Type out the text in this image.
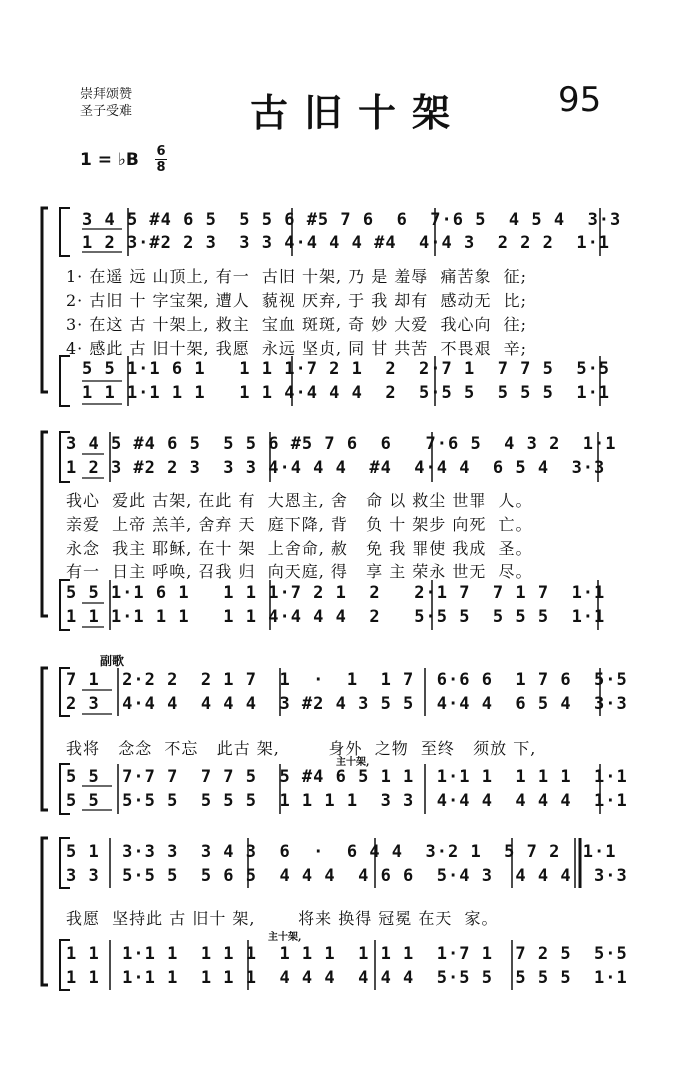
崇拜颂赞
圣子受难	古旧十架	95
1 = ♭B 6
8
3 4 5 #4 6 5  5 5 6 #5 7 6  6  7·6 5  4 5 4  3·3
1 2 3·#2 2 3  3 3 4·4 4 4 #4  4·4 3  2 2 2  1·1
1· 在遥 远 山顶上, 有一  古旧 十架, 乃 是 羞辱  痛苦象  征;
2· 古旧 十 字宝架, 遭人  藐视 厌弃, 于 我 却有  感动无  比;
3· 在这 古 十架上, 救主  宝血 斑斑, 奇 妙 大爱  我心向  往;
4· 感此 古 旧十架, 我愿  永远 坚贞, 同 甘 共苦  不畏艰  辛;
5 5 1·1 6 1   1 1 1·7 2 1  2  2·7 1  7 7 5  5·5
1 1 1·1 1 1   1 1 4·4 4 4  2  5·5 5  5 5 5  1·1
3 4 5 #4 6 5  5 5 6 #5 7 6  6   7·6 5  4 3 2  1·1
1 2 3 #2 2 3  3 3 4·4 4 4  #4  4·4 4  6 5 4  3·3
我心  爱此 古架, 在此 有  大恩主, 舍   命 以 救尘 世罪  人。
亲爱  上帝 羔羊, 舍弃 天  庭下降, 背   负 十 架步 向死  亡。
永念  我主 耶稣, 在十 架  上舍命, 赦   免 我 罪使 我成  圣。
有一  日主 呼唤, 召我 归  向天庭, 得   享 主 荣永 世无  尽。
5 5 1·1 6 1   1 1 1·7 2 1  2   2·1 7  7 1 7  1·1
1 1 1·1 1 1   1 1 4·4 4 4  2   5·5 5  5 5 5  1·1
副歌
主十架,
7 1  2·2 2  2 1 7  1  ·  1  1 7  6·6 6  1 7 6  5·5
2 3  4·4 4  4 4 4  3 #2 4 3 5 5  4·4 4  6 5 4  3·3
我将   念念  不忘   此古 架,        身外  之物  至终   须放 下,
5 5  7·7 7  7 7 5  5 #4 6 5 1 1  1·1 1  1 1 1  1·1
5 5  5·5 5  5 5 5  1 1 1 1  3 3  4·4 4  4 4 4  1·1
主十架,
5 1  3·3 3  3 4 3  6  ·  6 4 4  3·2 1  5 7 2  1·1
3 3  5·5 5  5 6 5  4 4 4  4 6 6  5·4 3  4 4 4  3·3
我愿  坚持此 古 旧十 架,       将来 换得 冠冕 在天  家。
1 1  1·1 1  1 1 1  1 1 1  1 1 1  1·7 1  7 2 5  5·5
1 1  1·1 1  1 1 1  4 4 4  4 4 4  5·5 5  5 5 5  1·1
